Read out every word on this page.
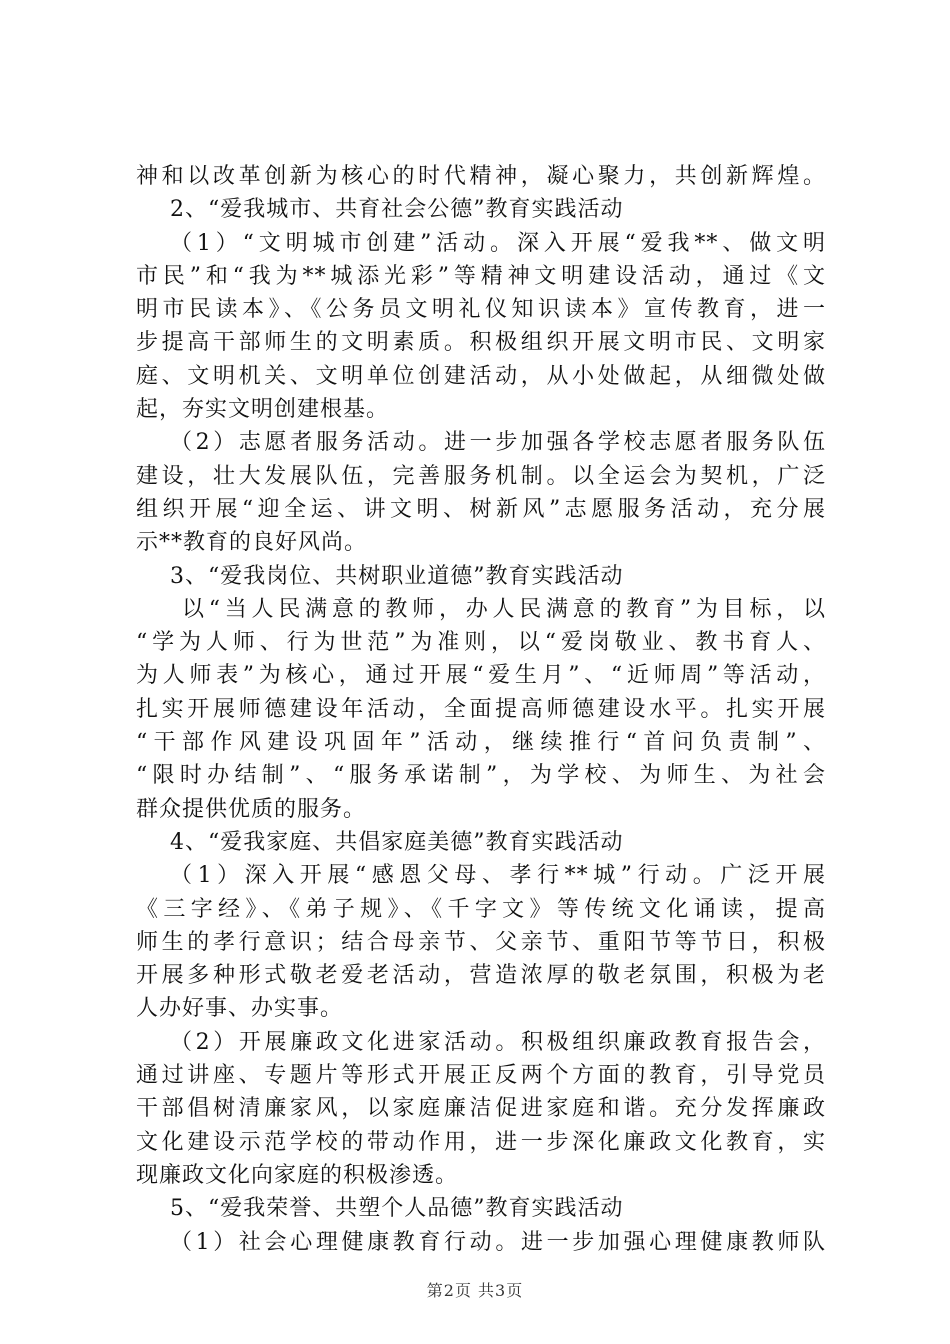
神和以改革创新为核心的时代精神，凝心聚力，共创新辉煌。
2、“爱我城市、共育社会公德”教育实践活动
（1）“文明城市创建”活动。深入开展“爱我**、做文明
市民”和“我为**城添光彩”等精神文明建设活动，通过《文
明市民读本》、《公务员文明礼仪知识读本》宣传教育，进一
步提高干部师生的文明素质。积极组织开展文明市民、文明家
庭、文明机关、文明单位创建活动，从小处做起，从细微处做
起，夯实文明创建根基。
（2）志愿者服务活动。进一步加强各学校志愿者服务队伍
建设，壮大发展队伍，完善服务机制。以全运会为契机，广泛
组织开展“迎全运、讲文明、树新风”志愿服务活动，充分展
示**教育的良好风尚。
3、“爱我岗位、共树职业道德”教育实践活动
以“当人民满意的教师，办人民满意的教育”为目标，以
“学为人师、行为世范”为准则，以“爱岗敬业、教书育人、
为人师表”为核心，通过开展“爱生月”、“近师周”等活动，
扎实开展师德建设年活动，全面提高师德建设水平。扎实开展
“干部作风建设巩固年”活动，继续推行“首问负责制”、
“限时办结制”、“服务承诺制”，为学校、为师生、为社会
群众提供优质的服务。
4、“爱我家庭、共倡家庭美德”教育实践活动
（1）深入开展“感恩父母、孝行**城”行动。广泛开展
《三字经》、《弟子规》、《千字文》等传统文化诵读，提高
师生的孝行意识；结合母亲节、父亲节、重阳节等节日，积极
开展多种形式敬老爱老活动，营造浓厚的敬老氛围，积极为老
人办好事、办实事。
（2）开展廉政文化进家活动。积极组织廉政教育报告会，
通过讲座、专题片等形式开展正反两个方面的教育，引导党员
干部倡树清廉家风，以家庭廉洁促进家庭和谐。充分发挥廉政
文化建设示范学校的带动作用，进一步深化廉政文化教育，实
现廉政文化向家庭的积极渗透。
5、“爱我荣誉、共塑个人品德”教育实践活动
（1）社会心理健康教育行动。进一步加强心理健康教师队
第2页 共3页
